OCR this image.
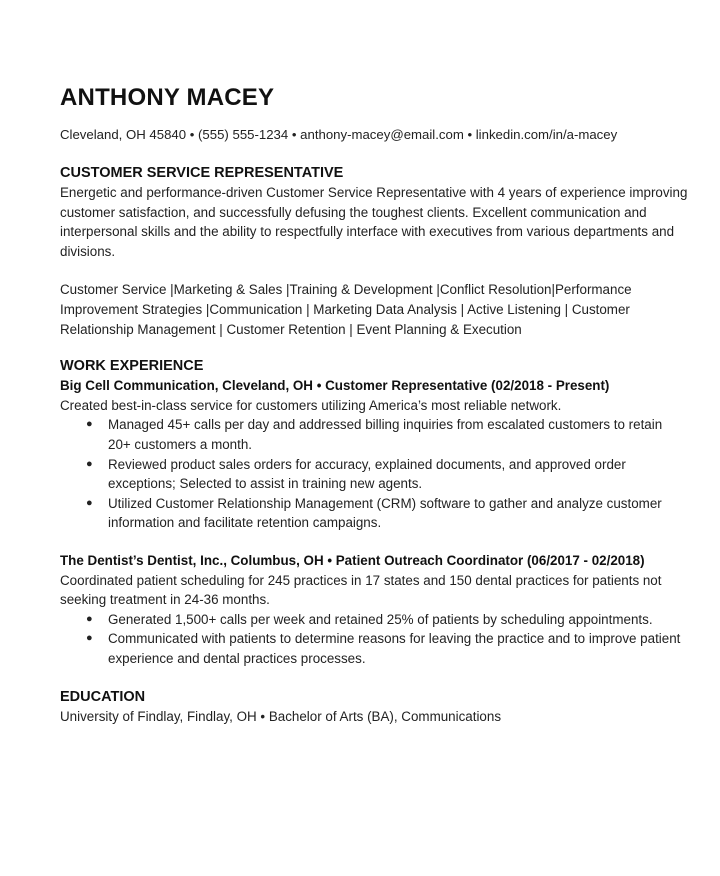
ANTHONY MACEY
Cleveland, OH 45840 • (555) 555-1234 • anthony-macey@email.com • linkedin.com/in/a-macey
CUSTOMER SERVICE REPRESENTATIVE

Energetic and performance-driven Customer Service Representative with 4 years of experience improving customer satisfaction, and successfully defusing the toughest clients. Excellent communication and interpersonal skills and the ability to respectfully interface with executives from various departments and divisions.

Customer Service |Marketing & Sales |Training & Development |Conflict Resolution|Performance Improvement Strategies |Communication | Marketing Data Analysis | Active Listening | Customer Relationship Management | Customer Retention | Event Planning & Execution

WORK EXPERIENCE
Big Cell Communication, Cleveland, OH • Customer Representative (02/2018 - Present)

Created best-in-class service for customers utilizing America’s most reliable network.

● Managed 45+ calls per day and addressed billing inquiries from escalated customers to retain 20+ customers a month.
● Reviewed product sales orders for accuracy, explained documents, and approved order exceptions; Selected to assist in training new agents.
● Utilized Customer Relationship Management (CRM) software to gather and analyze customer information and facilitate retention campaigns.
The Dentist’s Dentist, Inc., Columbus, OH • Patient Outreach Coordinator (06/2017 - 02/2018)

Coordinated patient scheduling for 245 practices in 17 states and 150 dental practices for patients not seeking treatment in 24-36 months.

● Generated 1,500+ calls per week and retained 25% of patients by scheduling appointments.
● Communicated with patients to determine reasons for leaving the practice and to improve patient experience and dental practices processes.
EDUCATION
University of Findlay, Findlay, OH • Bachelor of Arts (BA), Communications
